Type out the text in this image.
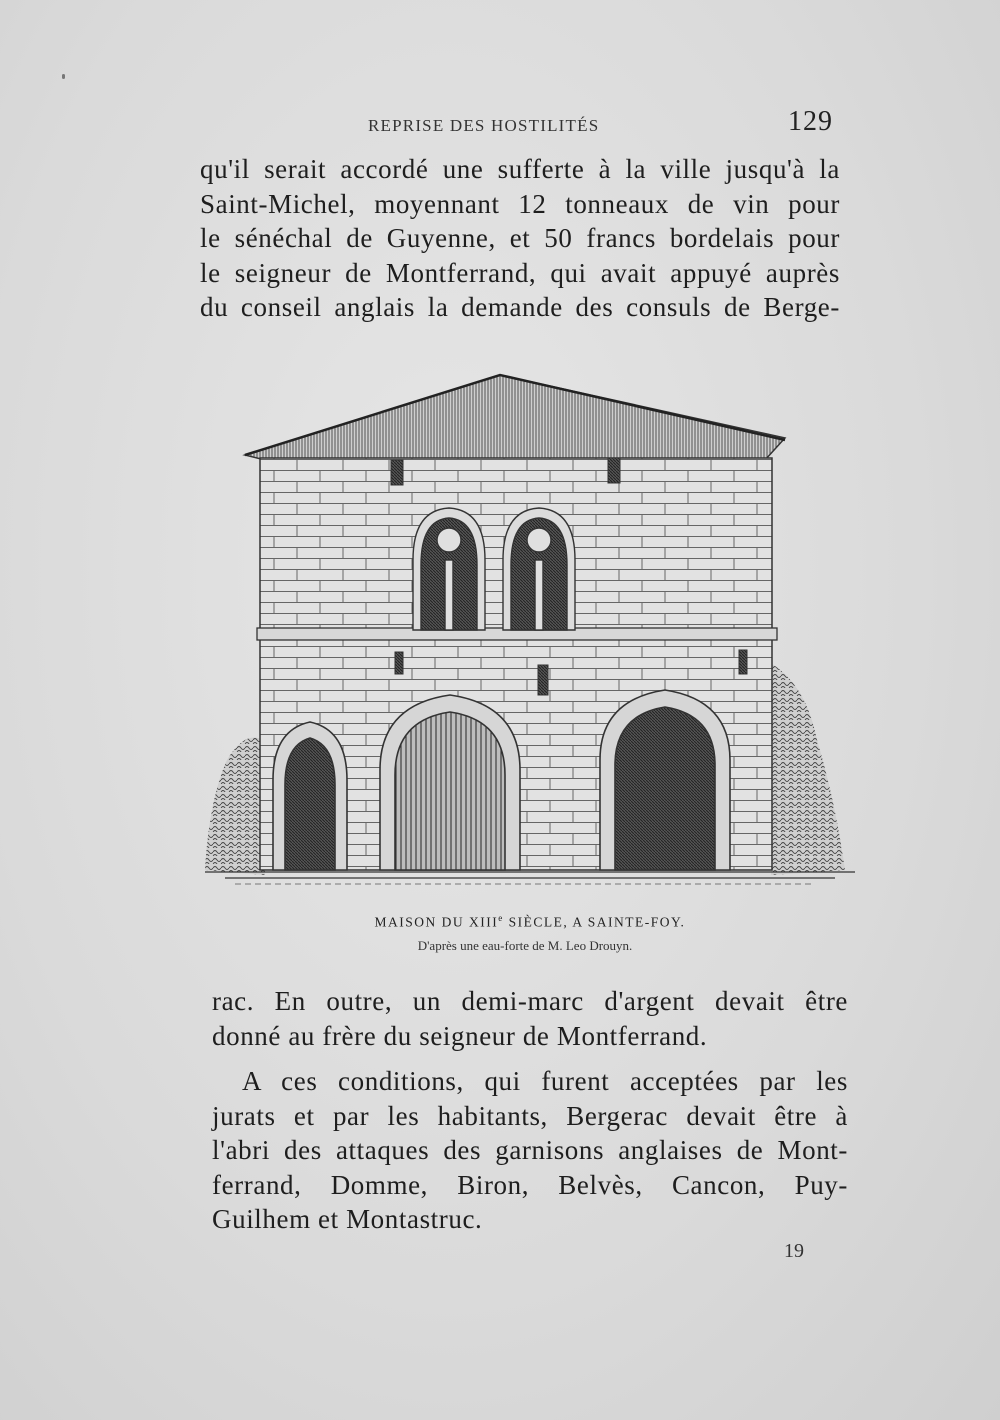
REPRISE DES HOSTILITÉS	129
qu'il serait accordé une sufferte à la ville jusqu'à la
Saint-Michel, moyennant 12 tonneaux de vin pour
le sénéchal de Guyenne, et 50 francs bordelais pour
le seigneur de Montferrand, qui avait appuyé auprès
du conseil anglais la demande des consuls de Berge-
MAISON DU XIIIe SIÈCLE, A SAINTE-FOY.
D'après une eau-forte de M. Leo Drouyn.
rac. En outre, un demi-marc d'argent devait être
donné au frère du seigneur de Montferrand.
A ces conditions, qui furent acceptées par les
jurats et par les habitants, Bergerac devait être à
l'abri des attaques des garnisons anglaises de Mont-
ferrand, Domme, Biron, Belvès, Cancon, Puy-
Guilhem et Montastruc.
19
